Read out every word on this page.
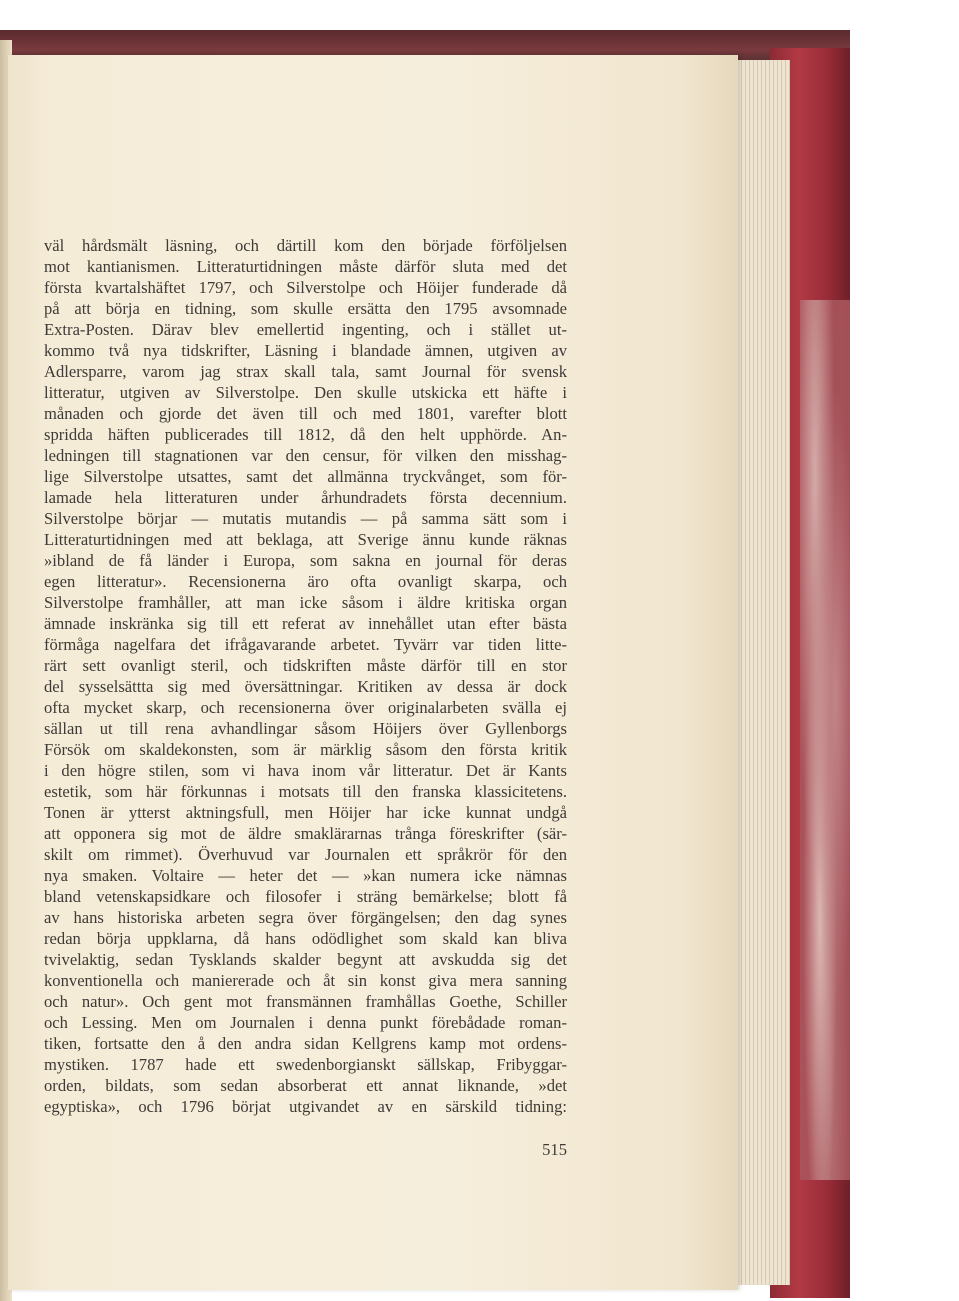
väl hårdsmält läsning, och därtill kom den började förföljelsen
mot kantianismen. Litteraturtidningen måste därför sluta med det
första kvartalshäftet 1797, och Silverstolpe och Höijer funderade då
på att börja en tidning, som skulle ersätta den 1795 avsomnade
Extra-Posten. Därav blev emellertid ingenting, och i stället ut-
kommo två nya tidskrifter, Läsning i blandade ämnen, utgiven av
Adlersparre, varom jag strax skall tala, samt Journal för svensk
litteratur, utgiven av Silverstolpe. Den skulle utskicka ett häfte i
månaden och gjorde det även till och med 1801, varefter blott
spridda häften publicerades till 1812, då den helt upphörde. An-
ledningen till stagnationen var den censur, för vilken den misshag-
lige Silverstolpe utsattes, samt det allmänna tryckvånget, som för-
lamade hela litteraturen under århundradets första decennium.
Silverstolpe börjar — mutatis mutandis — på samma sätt som i
Litteraturtidningen med att beklaga, att Sverige ännu kunde räknas
»ibland de få länder i Europa, som sakna en journal för deras
egen litteratur». Recensionerna äro ofta ovanligt skarpa, och
Silverstolpe framhåller, att man icke såsom i äldre kritiska organ
ämnade inskränka sig till ett referat av innehållet utan efter bästa
förmåga nagelfara det ifrågavarande arbetet. Tyvärr var tiden litte-
rärt sett ovanligt steril, och tidskriften måste därför till en stor
del sysselsättta sig med översättningar. Kritiken av dessa är dock
ofta mycket skarp, och recensionerna över originalarbeten svälla ej
sällan ut till rena avhandlingar såsom Höijers över Gyllenborgs
Försök om skaldekonsten, som är märklig såsom den första kritik
i den högre stilen, som vi hava inom vår litteratur. Det är Kants
estetik, som här förkunnas i motsats till den franska klassicitetens.
Tonen är ytterst aktningsfull, men Höijer har icke kunnat undgå
att opponera sig mot de äldre smaklärarnas trånga föreskrifter (sär-
skilt om rimmet). Överhuvud var Journalen ett språkrör för den
nya smaken. Voltaire — heter det — »kan numera icke nämnas
bland vetenskapsidkare och filosofer i sträng bemärkelse; blott få
av hans historiska arbeten segra över förgängelsen; den dag synes
redan börja uppklarna, då hans odödlighet som skald kan bliva
tvivelaktig, sedan Tysklands skalder begynt att avskudda sig det
konventionella och maniererade och åt sin konst giva mera sanning
och natur». Och gent mot fransmännen framhållas Goethe, Schiller
och Lessing. Men om Journalen i denna punkt förebådade roman-
tiken, fortsatte den å den andra sidan Kellgrens kamp mot ordens-
mystiken. 1787 hade ett swedenborgianskt sällskap, Fribyggar-
orden, bildats, som sedan absorberat ett annat liknande, »det
egyptiska», och 1796 börjat utgivandet av en särskild tidning:
515
